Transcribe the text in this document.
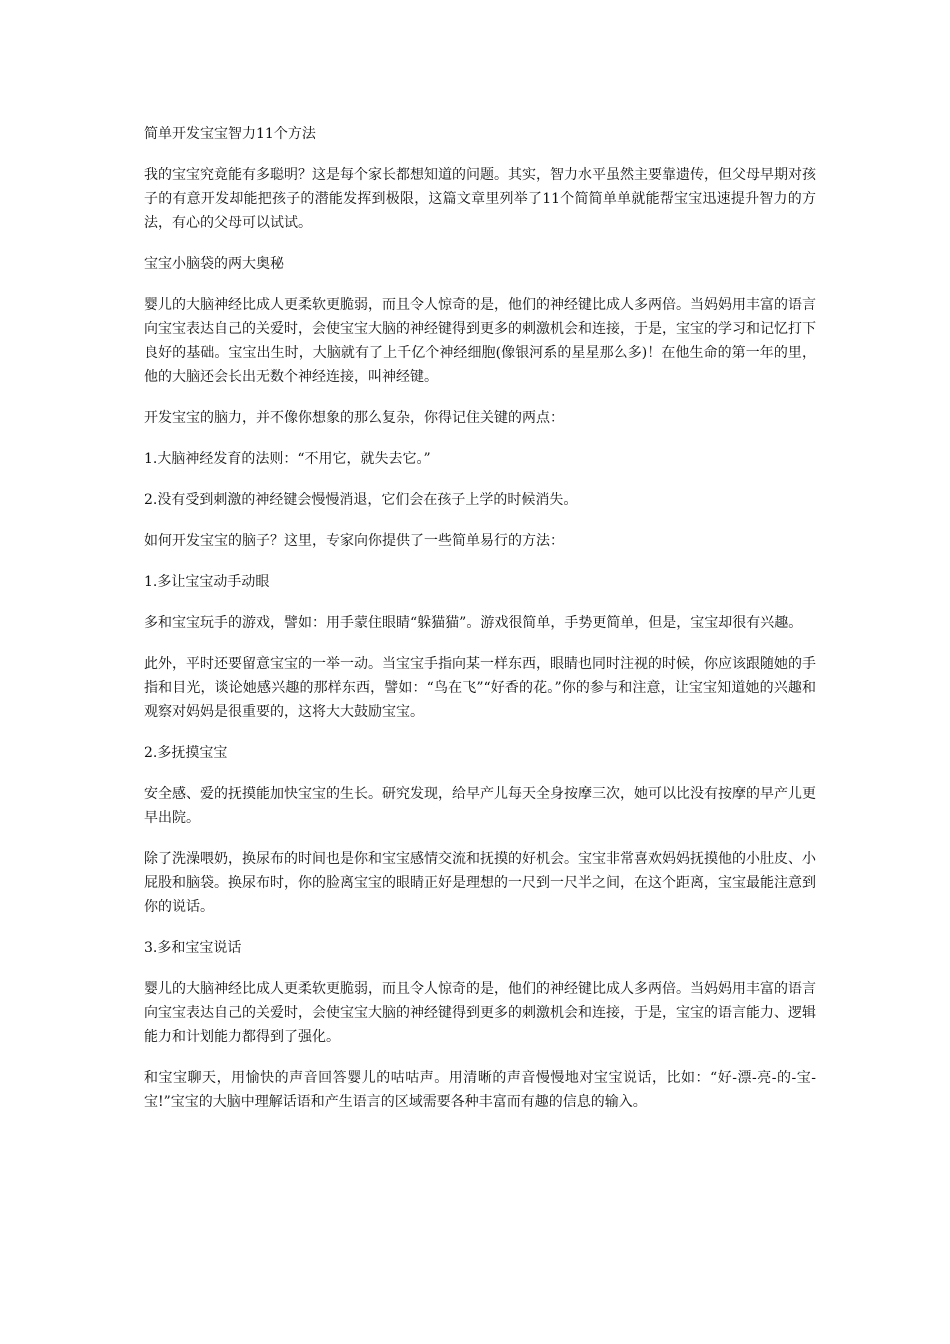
简单开发宝宝智力11个方法

我的宝宝究竟能有多聪明？这是每个家长都想知道的问题。其实，智力水平虽然主要靠遗传，但父母早期对孩子的有意开发却能把孩子的潜能发挥到极限，这篇文章里列举了11个简简单单就能帮宝宝迅速提升智力的方法，有心的父母可以试试。

宝宝小脑袋的两大奥秘

婴儿的大脑神经比成人更柔软更脆弱，而且令人惊奇的是，他们的神经键比成人多两倍。当妈妈用丰富的语言向宝宝表达自己的关爱时，会使宝宝大脑的神经键得到更多的刺激机会和连接，于是，宝宝的学习和记忆打下良好的基础。宝宝出生时，大脑就有了上千亿个神经细胞(像银河系的星星那么多)！在他生命的第一年的里，他的大脑还会长出无数个神经连接，叫神经键。

开发宝宝的脑力，并不像你想象的那么复杂，你得记住关键的两点：

1.大脑神经发育的法则：“不用它，就失去它。”

2.没有受到刺激的神经键会慢慢消退，它们会在孩子上学的时候消失。

如何开发宝宝的脑子？这里，专家向你提供了一些简单易行的方法：

1.多让宝宝动手动眼

多和宝宝玩手的游戏，譬如：用手蒙住眼睛“躲猫猫”。游戏很简单，手势更简单，但是，宝宝却很有兴趣。

此外，平时还要留意宝宝的一举一动。当宝宝手指向某一样东西，眼睛也同时注视的时候，你应该跟随她的手指和目光，谈论她感兴趣的那样东西，譬如：“鸟在飞”“好香的花。”你的参与和注意，让宝宝知道她的兴趣和观察对妈妈是很重要的，这将大大鼓励宝宝。

2.多抚摸宝宝

安全感、爱的抚摸能加快宝宝的生长。研究发现，给早产儿每天全身按摩三次，她可以比没有按摩的早产儿更早出院。

除了洗澡喂奶，换尿布的时间也是你和宝宝感情交流和抚摸的好机会。宝宝非常喜欢妈妈抚摸他的小肚皮、小屁股和脑袋。换尿布时，你的脸离宝宝的眼睛正好是理想的一尺到一尺半之间，在这个距离，宝宝最能注意到你的说话。

3.多和宝宝说话

婴儿的大脑神经比成人更柔软更脆弱，而且令人惊奇的是，他们的神经键比成人多两倍。当妈妈用丰富的语言向宝宝表达自己的关爱时，会使宝宝大脑的神经键得到更多的刺激机会和连接，于是，宝宝的语言能力、逻辑能力和计划能力都得到了强化。

和宝宝聊天，用愉快的声音回答婴儿的咕咕声。用清晰的声音慢慢地对宝宝说话，比如：“好-漂-亮-的-宝-宝!”宝宝的大脑中理解话语和产生语言的区域需要各种丰富而有趣的信息的输入。
